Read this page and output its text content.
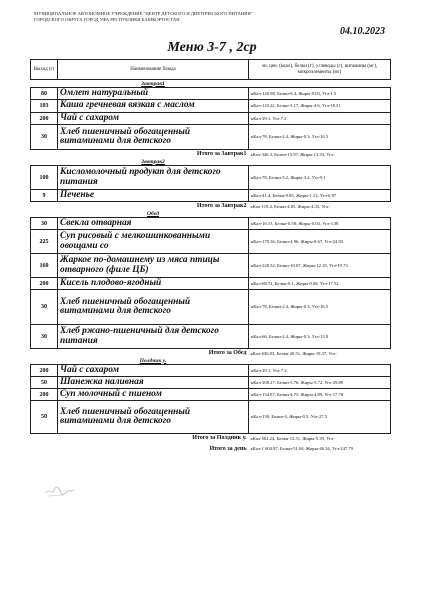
МУНИЦИПАЛЬНОЕ АВТОНОМНОЕ УЧРЕЖДЕНИЕ "ЦЕНТР ДЕТСКОГО И ДИЕТИЧЕСКОГО ПИТАНИЯ" ГОРОДСКОГО ОКРУГА ГОРОД УФА РЕСПУБЛИКИ БАШКОРТОСТАН
04.10.2023
Меню 3-7 , 2ср
Выход (г)	Наименование блюда	эн. цен. (ккал), белки (г), углеводы (г), витамины (мг), микроэлементы (мг)
	Завтрак1	
80	Омлет натуральный	кКал-120.98, Белки-8.4, Жиры-9.03, Угл-1.5
103	Каша гречневая вязкая с маслом	кКал-118.22, Белки-3.17, Жиры-4.6, Угл-18.31
200	Чай с сахаром	кКал-29.1, Угл-7.2
30	Хлеб пшеничный обогащенный витаминами для детского	кКал-78, Белки-2.4, Жиры-0.3, Угл-16.5
Итого за Завтрак1		кКал-346.3, Белки-13.97, Жиры-13.33, Угл-
	Завтрак2	
100	Кисломолочный продукт для детского питания	кКал-78, Белки-3.2, Жиры-3.2, Угл-9.1
9	Печенье	кКал-41.4, Белки-0.85, Жиры-1.13, Угл-6.97
Итого за Завтрак2		кКал-119.4, Белки-4.05, Жиры-4.33, Угл-
	Обед	
30	Свекла отварная	кКал-16.13, Белки-0.58, Жиры-0.04, Угл-3.38
225	Суп рисовый с мелкошинкованными овощами со	кКал-179.56, Белки-4.96, Жиры-8.67, Угл-24.93
160	Жаркое по-домашнему из мяса птицы отварного (филе ЦБ)	кКал-228.52, Белки-10.07, Жиры-12.18, Угл-19.73
200	Кисель плодово-ягодный	кКал-68.72, Белки-0.1, Жиры-0.08, Угл-17.52
30	Хлеб пшеничный обогащенный витаминами для детского	кКал-78, Белки-2.4, Жиры-0.3, Угл-16.5
30	Хлеб ржано-пшеничный для детского питания	кКал-66, Белки-2.4, Жиры-0.3, Угл-13.8
Итого за Обед		кКал-636.93, Белки-20.51, Жиры-19.37, Угл-
	Полдник у.	
200	Чай с сахаром	кКал-29.1, Угл-7.2
50	Шанежка наливная	кКал-208.27, Белки-5.76, Жиры-5.72, Угл-29.89
200	Суп молочный с пшеном	кКал-134.87, Белки-4.75, Жиры-4.89, Угл-17.76
50	Хлеб пшеничный обогащенный витаминами для детского	кКал-130, Белки-4, Жиры-0.5, Угл-27.5
Итого за Полдник у.		кКал-502.24, Белки-12.51, Жиры-5.39, Угл-
Итого за день		кКал-1 604.87, Белки-51.04, Жиры-46.34, Угл-247.79
